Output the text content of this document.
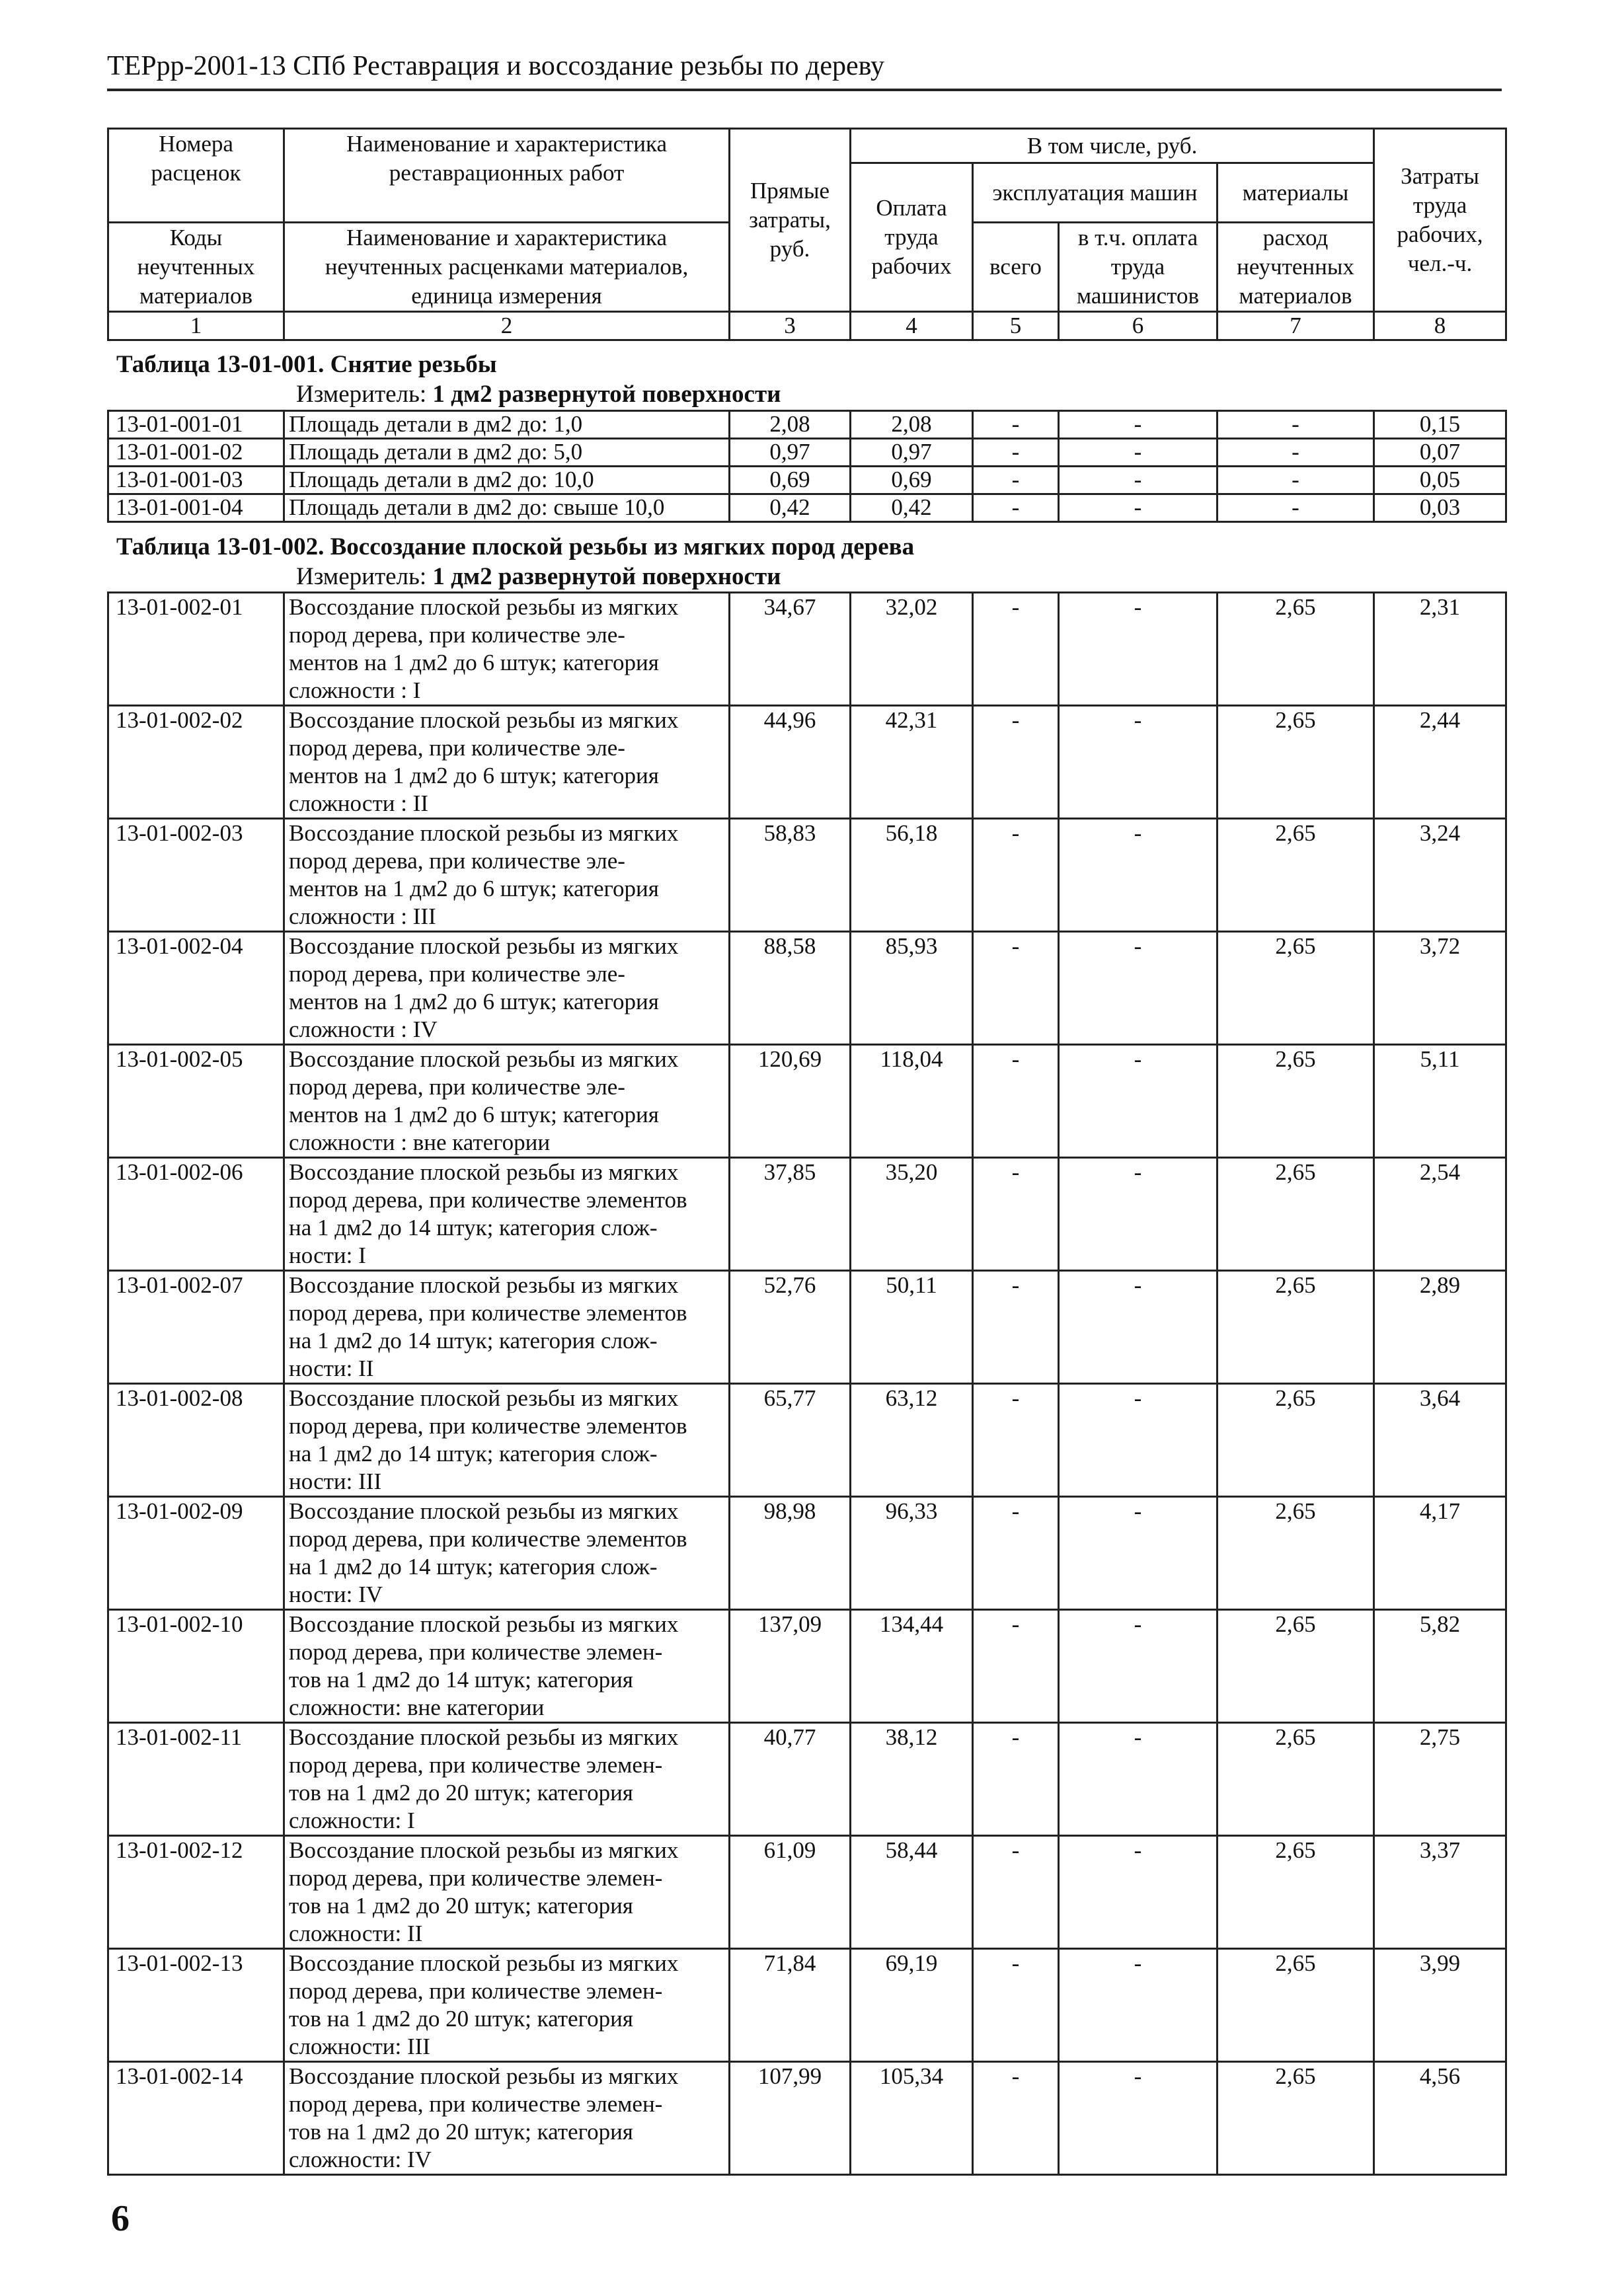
ТЕРрр-2001-13 СПб Реставрация и воссоздание резьбы по дереву
Номера расценок	Наименование и характеристика реставрационных работ	Прямые затраты, руб.	В том числе, руб.				Затраты труда рабочих, чел.-ч.
			Оплата труда рабочих	эксплуатация машин		материалы	
Коды неучтенных материалов	Наименование и характеристика неучтенных расценками материалов, единица измерения			всего	в т.ч. оплата труда машинистов		
						расход неучтенных материалов	
1	2	3	4	5	6	7	8
Таблица 13-01-001. Снятие резьбы
Измеритель: 1 дм2 развернутой поверхности
13-01-001-01	Площадь детали в дм2 до: 1,0	2,08	2,08	-	-	-	0,15
13-01-001-02	Площадь детали в дм2 до: 5,0	0,97	0,97	-	-	-	0,07
13-01-001-03	Площадь детали в дм2 до: 10,0	0,69	0,69	-	-	-	0,05
13-01-001-04	Площадь детали в дм2 до: свыше 10,0	0,42	0,42	-	-	-	0,03
Таблица 13-01-002. Воссоздание плоской резьбы из мягких пород дерева
Измеритель: 1 дм2 развернутой поверхности
13-01-002-01	Воссоздание плоской резьбы из мягких
пород дерева, при количестве эле-
ментов на 1 дм2 до 6 штук; категория
сложности : I	34,67	32,02	-	-	2,65	2,31
13-01-002-02	Воссоздание плоской резьбы из мягких
пород дерева, при количестве эле-
ментов на 1 дм2 до 6 штук; категория
сложности : II	44,96	42,31	-	-	2,65	2,44
13-01-002-03	Воссоздание плоской резьбы из мягких
пород дерева, при количестве эле-
ментов на 1 дм2 до 6 штук; категория
сложности : III	58,83	56,18	-	-	2,65	3,24
13-01-002-04	Воссоздание плоской резьбы из мягких
пород дерева, при количестве эле-
ментов на 1 дм2 до 6 штук; категория
сложности : IV	88,58	85,93	-	-	2,65	3,72
13-01-002-05	Воссоздание плоской резьбы из мягких
пород дерева, при количестве эле-
ментов на 1 дм2 до 6 штук; категория
сложности : вне категории	120,69	118,04	-	-	2,65	5,11
13-01-002-06	Воссоздание плоской резьбы из мягких
пород дерева, при количестве элементов
на 1 дм2 до 14 штук; категория слож-
ности: I	37,85	35,20	-	-	2,65	2,54
13-01-002-07	Воссоздание плоской резьбы из мягких
пород дерева, при количестве элементов
на 1 дм2 до 14 штук; категория слож-
ности: II	52,76	50,11	-	-	2,65	2,89
13-01-002-08	Воссоздание плоской резьбы из мягких
пород дерева, при количестве элементов
на 1 дм2 до 14 штук; категория слож-
ности: III	65,77	63,12	-	-	2,65	3,64
13-01-002-09	Воссоздание плоской резьбы из мягких
пород дерева, при количестве элементов
на 1 дм2 до 14 штук; категория слож-
ности: IV	98,98	96,33	-	-	2,65	4,17
13-01-002-10	Воссоздание плоской резьбы из мягких
пород дерева, при количестве элемен-
тов на 1 дм2 до 14 штук; категория
сложности: вне категории	137,09	134,44	-	-	2,65	5,82
13-01-002-11	Воссоздание плоской резьбы из мягких
пород дерева, при количестве элемен-
тов на 1 дм2 до 20 штук; категория
сложности: I	40,77	38,12	-	-	2,65	2,75
13-01-002-12	Воссоздание плоской резьбы из мягких
пород дерева, при количестве элемен-
тов на 1 дм2 до 20 штук; категория
сложности: II	61,09	58,44	-	-	2,65	3,37
13-01-002-13	Воссоздание плоской резьбы из мягких
пород дерева, при количестве элемен-
тов на 1 дм2 до 20 штук; категория
сложности: III	71,84	69,19	-	-	2,65	3,99
13-01-002-14	Воссоздание плоской резьбы из мягких
пород дерева, при количестве элемен-
тов на 1 дм2 до 20 штук; категория
сложности: IV	107,99	105,34	-	-	2,65	4,56
6
